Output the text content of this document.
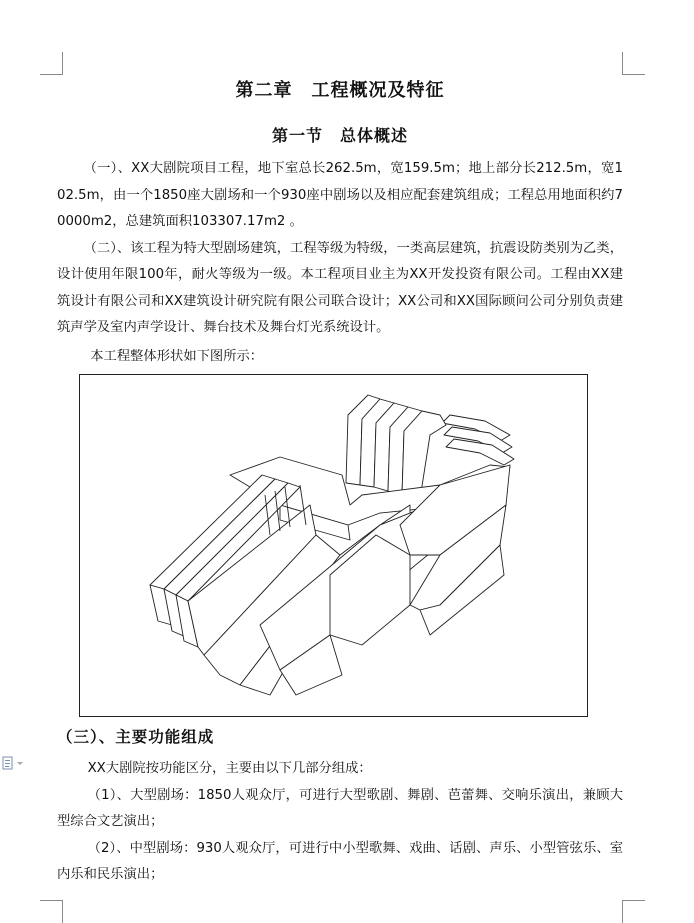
第二章　工程概况及特征
第一节　总体概述

（一）、XX大剧院项目工程，地下室总长262.5m，宽159.5m；地上部分长212.5m，宽102.5m，由一个1850座大剧场和一个930座中剧场以及相应配套建筑组成；工程总用地面积约70000m2，总建筑面积103307.17m2 。

（二）、该工程为特大型剧场建筑，工程等级为特级，一类高层建筑，抗震设防类别为乙类，设计使用年限100年，耐火等级为一级。本工程项目业主为XX开发投资有限公司。工程由XX建筑设计有限公司和XX建筑设计研究院有限公司联合设计；XX公司和XX国际顾问公司分别负责建筑声学及室内声学设计、舞台技术及舞台灯光系统设计。

本工程整体形状如下图所示：

（三）、主要功能组成

XX大剧院按功能区分，主要由以下几部分组成：

（1）、大型剧场：1850人观众厅，可进行大型歌剧、舞剧、芭蕾舞、交响乐演出，兼顾大型综合文艺演出；

（2）、中型剧场：930人观众厅，可进行中小型歌舞、戏曲、话剧、声乐、小型管弦乐、室内乐和民乐演出；
